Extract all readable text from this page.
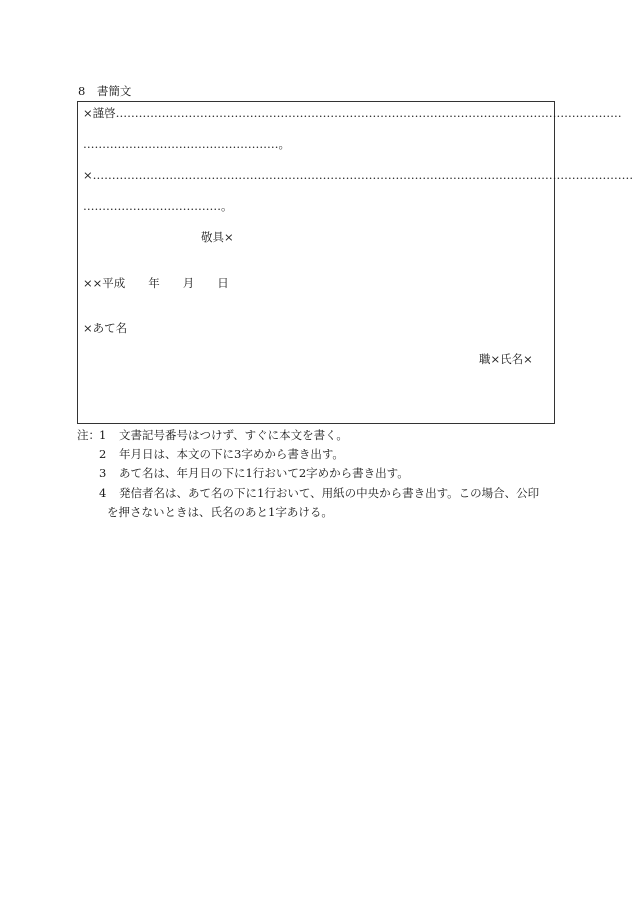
8　 書簡文
×謹啓……………………………………………………………………………………………………………………
……………………………………………。
×……………………………………………………………………………………………………………………………
………………………………。
敬具×
××平成　　年　　月　　日
×あて名
職×氏名×
注： 1 文書記号番号はつけず、すぐに本文を書く。
2 年月日は、本文の下に3字めから書き出す。
3 あて名は、年月日の下に1行おいて2字めから書き出す。
4 発信者名は、あて名の下に1行おいて、用紙の中央から書き出す。この場合、公印
を押さないときは、氏名のあと1字あける。
